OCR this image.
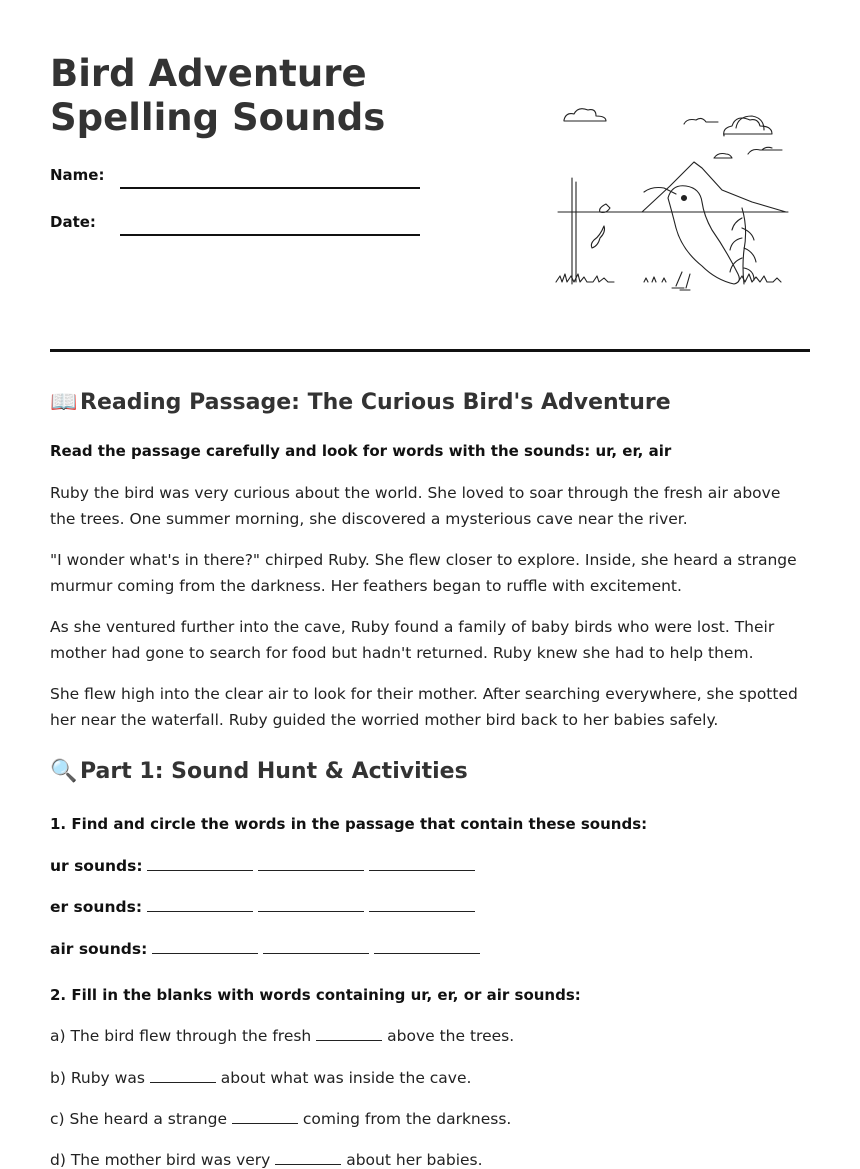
Bird Adventure Spelling Sounds
Name:
Date:
📖 Reading Passage: The Curious Bird's Adventure
Read the passage carefully and look for words with the sounds: ur, er, air

Ruby the bird was very curious about the world. She loved to soar through the fresh air above the trees. One summer morning, she discovered a mysterious cave near the river.

"I wonder what's in there?" chirped Ruby. She flew closer to explore. Inside, she heard a strange murmur coming from the darkness. Her feathers began to ruffle with excitement.

As she ventured further into the cave, Ruby found a family of baby birds who were lost. Their mother had gone to search for food but hadn't returned. Ruby knew she had to help them.

She flew high into the clear air to look for their mother. After searching everywhere, she spotted her near the waterfall. Ruby guided the worried mother bird back to her babies safely.

🔍 Part 1: Sound Hunt & Activities
1. Find and circle the words in the passage that contain these sounds:
ur sounds:
er sounds:
air sounds:
2. Fill in the blanks with words containing ur, er, or air sounds:
a) The bird flew through the fresh	above the trees.
b) Ruby was	about what was inside the cave.
c) She heard a strange	coming from the darkness.
d) The mother bird was very	about her babies.
